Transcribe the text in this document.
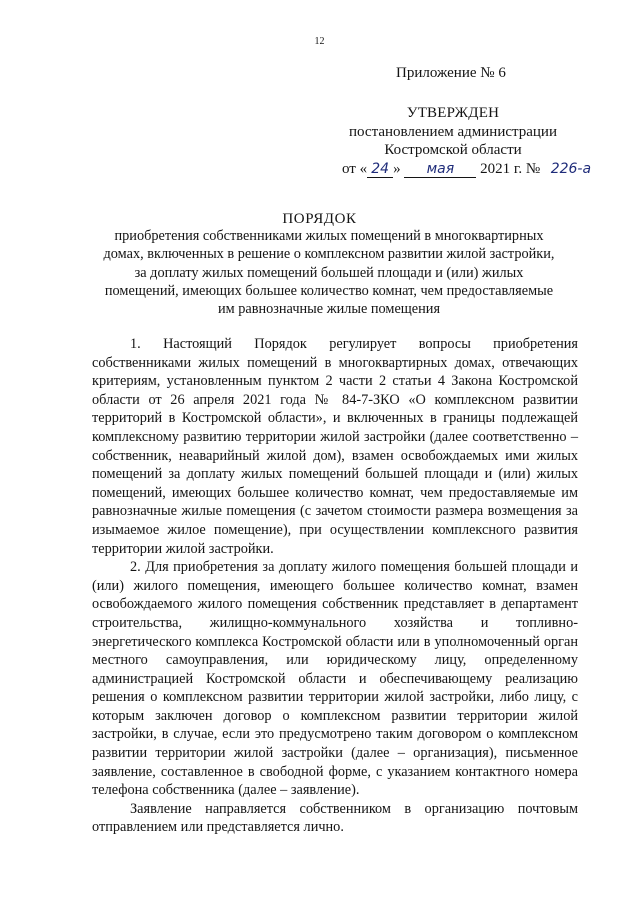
12
Приложение № 6
УТВЕРЖДЕН
постановлением администрации
Костромской области
от « 24 » мая 2021 г. № 226-а
ПОРЯДОК
приобретения собственниками жилых помещений в многоквартирных домах, включенных в решение о комплексном развитии жилой застройки, за доплату жилых помещений большей площади и (или) жилых помещений, имеющих большее количество комнат, чем предоставляемые им равнозначные жилые помещения

1. Настоящий Порядок регулирует вопросы приобретения собственниками жилых помещений в многоквартирных домах, отвечающих критериям, установленным пунктом 2 части 2 статьи 4 Закона Костромской области от 26 апреля 2021 года № 84-7-ЗКО «О комплексном развитии территорий в Костромской области», и включенных в границы подлежащей комплексному развитию территории жилой застройки (далее соответственно – собственник, неаварийный жилой дом), взамен освобождаемых ими жилых помещений за доплату жилых помещений большей площади и (или) жилых помещений, имеющих большее количество комнат, чем предоставляемые им равнозначные жилые помещения (с зачетом стоимости размера возмещения за изымаемое жилое помещение), при осуществлении комплексного развития территории жилой застройки.

2. Для приобретения за доплату жилого помещения большей площади и (или) жилого помещения, имеющего большее количество комнат, взамен освобождаемого жилого помещения собственник представляет в департамент строительства, жилищно-коммунального хозяйства и топливно-энергетического комплекса Костромской области или в уполномоченный орган местного самоуправления, или юридическому лицу, определенному администрацией Костромской области и обеспечивающему реализацию решения о комплексном развитии территории жилой застройки, либо лицу, с которым заключен договор о комплексном развитии территории жилой застройки, в случае, если это предусмотрено таким договором о комплексном развитии территории жилой застройки (далее – организация), письменное заявление, составленное в свободной форме, с указанием контактного номера телефона собственника (далее – заявление).

Заявление направляется собственником в организацию почтовым отправлением или представляется лично.
